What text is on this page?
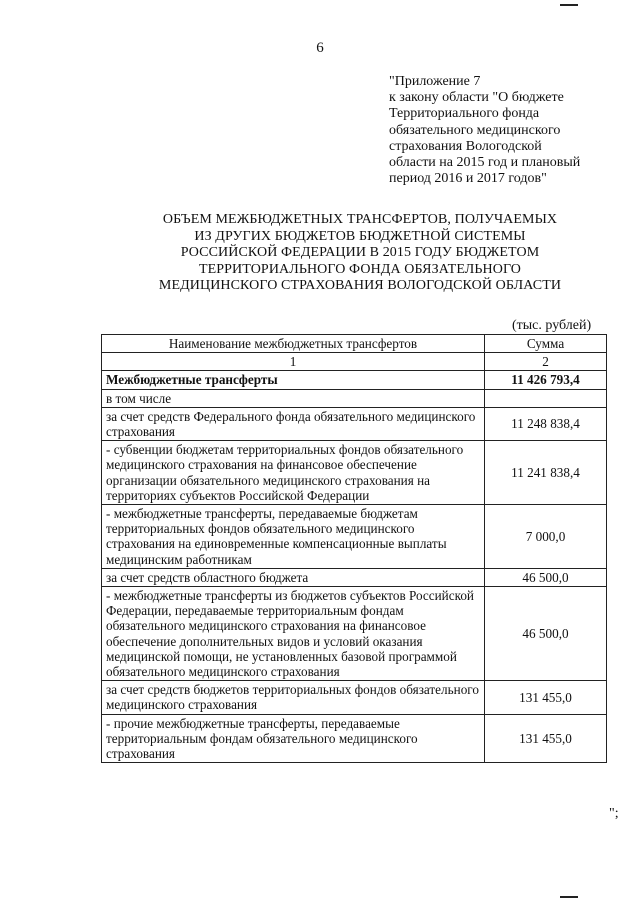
6
"Приложение 7
к закону области "О бюджете
Территориального фонда
обязательного медицинского
страхования Вологодской
области на 2015 год и плановый
период 2016 и 2017 годов"
ОБЪЕМ МЕЖБЮДЖЕТНЫХ ТРАНСФЕРТОВ, ПОЛУЧАЕМЫХ
ИЗ ДРУГИХ БЮДЖЕТОВ БЮДЖЕТНОЙ СИСТЕМЫ
РОССИЙСКОЙ ФЕДЕРАЦИИ В 2015 ГОДУ БЮДЖЕТОМ
ТЕРРИТОРИАЛЬНОГО ФОНДА ОБЯЗАТЕЛЬНОГО
МЕДИЦИНСКОГО СТРАХОВАНИЯ ВОЛОГОДСКОЙ ОБЛАСТИ
(тыс. рублей)
Наименование межбюджетных трансфертов	Сумма
1	2
Межбюджетные трансферты	11 426 793,4
в том числе	
за счет средств Федерального фонда обязательного медицинского страхования	11 248 838,4
- субвенции бюджетам территориальных фондов обязательного медицинского страхования на финансовое обеспечение организации обязательного медицинского страхования на территориях субъектов Российской Федерации	11 241 838,4
- межбюджетные трансферты, передаваемые бюджетам территориальных фондов обязательного медицинского страхования на единовременные компенсационные выплаты медицинским работникам	7 000,0
за счет средств областного бюджета	46 500,0
- межбюджетные трансферты из бюджетов субъектов Российской Федерации, передаваемые территориальным фондам обязательного медицинского страхования на финансовое обеспечение дополнительных видов и условий оказания медицинской помощи, не установленных базовой программой обязательного медицинского страхования	46 500,0
за счет средств бюджетов территориальных фондов обязательного медицинского страхования	131 455,0
- прочие межбюджетные трансферты, передаваемые территориальным фондам обязательного медицинского страхования	131 455,0
";
